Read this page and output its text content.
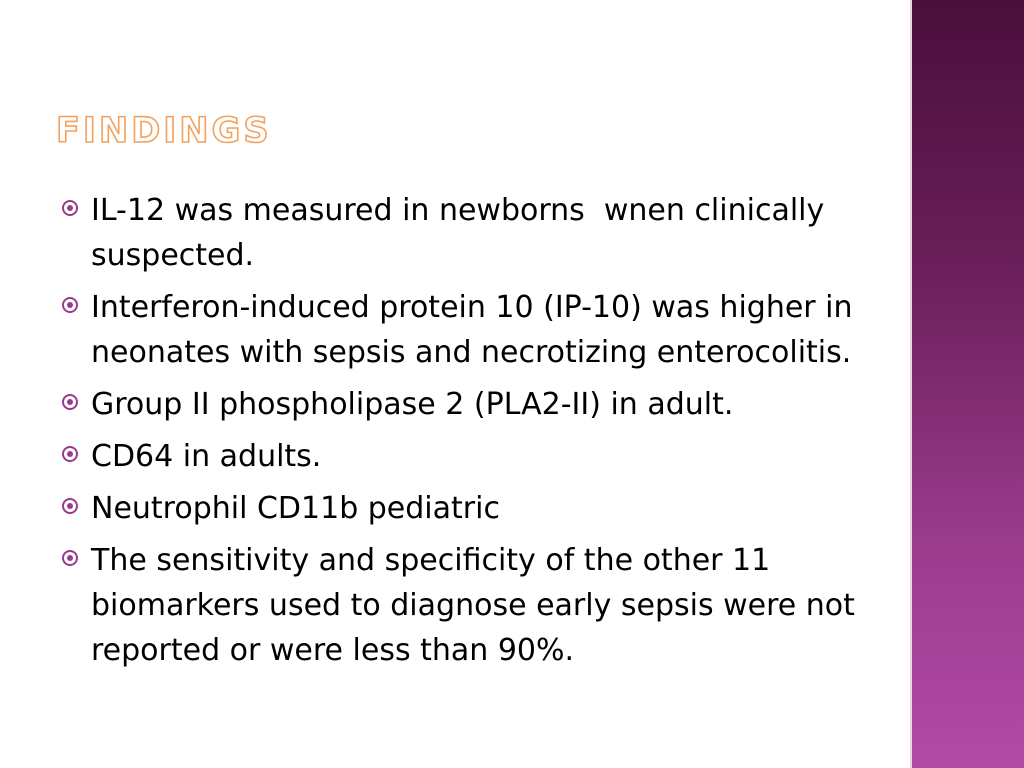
findings
IL-12 was measured in newborns  wnen clinically suspected.
Interferon-induced protein 10 (IP-10) was higher in neonates with sepsis and necrotizing enterocolitis.
Group II phospholipase 2 (PLA2-II) in adult.
CD64 in adults.
Neutrophil CD11b pediatric
The sensitivity and specificity of the other 11 biomarkers used to diagnose early sepsis were not reported or were less than 90%.
